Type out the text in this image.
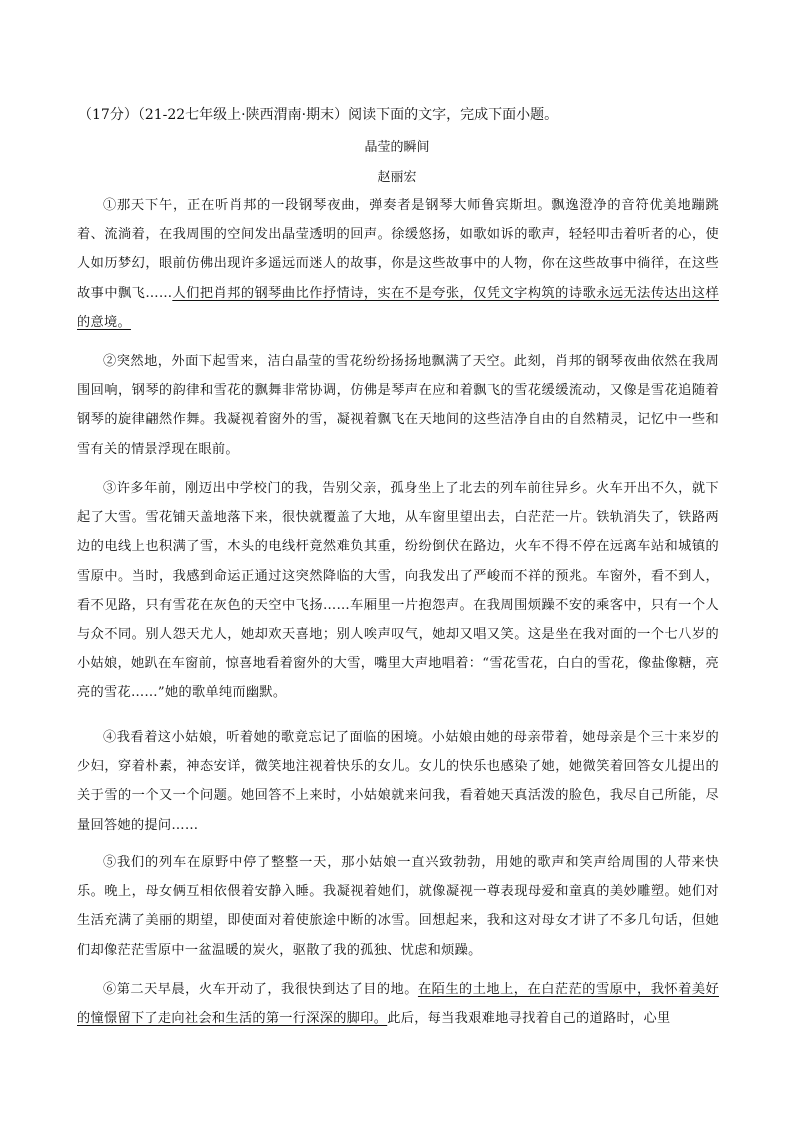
（17分）（21-22七年级上·陕西渭南·期末）阅读下面的文字，完成下面小题。
晶莹的瞬间
赵丽宏
①那天下午，正在听肖邦的一段钢琴夜曲，弹奏者是钢琴大师鲁宾斯坦。飘逸澄净的音符优美地蹦跳着、流淌着，在我周围的空间发出晶莹透明的回声。徐缓悠扬，如歌如诉的歌声，轻轻叩击着听者的心，使人如历梦幻，眼前仿佛出现许多遥远而迷人的故事，你是这些故事中的人物，你在这些故事中徜徉，在这些故事中飘飞……人们把肖邦的钢琴曲比作抒情诗，实在不是夸张，仅凭文字构筑的诗歌永远无法传达出这样的意境。
②突然地，外面下起雪来，洁白晶莹的雪花纷纷扬扬地飘满了天空。此刻，肖邦的钢琴夜曲依然在我周围回响，钢琴的韵律和雪花的飘舞非常协调，仿佛是琴声在应和着飘飞的雪花缓缓流动，又像是雪花追随着钢琴的旋律翩然作舞。我凝视着窗外的雪，凝视着飘飞在天地间的这些洁净自由的自然精灵，记忆中一些和雪有关的情景浮现在眼前。
③许多年前，刚迈出中学校门的我，告别父亲，孤身坐上了北去的列车前往异乡。火车开出不久，就下起了大雪。雪花铺天盖地落下来，很快就覆盖了大地，从车窗里望出去，白茫茫一片。铁轨消失了，铁路两边的电线上也积满了雪，木头的电线杆竟然难负其重，纷纷倒伏在路边，火车不得不停在远离车站和城镇的雪原中。当时，我感到命运正通过这突然降临的大雪，向我发出了严峻而不祥的预兆。车窗外，看不到人，看不见路，只有雪花在灰色的天空中飞扬……车厢里一片抱怨声。在我周围烦躁不安的乘客中，只有一个人与众不同。别人怨天尤人，她却欢天喜地；别人唉声叹气，她却又唱又笑。这是坐在我对面的一个七八岁的小姑娘，她趴在车窗前，惊喜地看着窗外的大雪，嘴里大声地唱着：“雪花雪花，白白的雪花，像盐像糖，亮亮的雪花……”她的歌单纯而幽默。
④我看着这小姑娘，听着她的歌竟忘记了面临的困境。小姑娘由她的母亲带着，她母亲是个三十来岁的少妇，穿着朴素，神态安详，微笑地注视着快乐的女儿。女儿的快乐也感染了她，她微笑着回答女儿提出的关于雪的一个又一个问题。她回答不上来时，小姑娘就来问我，看着她天真活泼的脸色，我尽自己所能，尽量回答她的提问……
⑤我们的列车在原野中停了整整一天，那小姑娘一直兴致勃勃，用她的歌声和笑声给周围的人带来快乐。晚上，母女俩互相依偎着安静入睡。我凝视着她们，就像凝视一尊表现母爱和童真的美妙雕塑。她们对生活充满了美丽的期望，即使面对着使旅途中断的冰雪。回想起来，我和这对母女才讲了不多几句话，但她们却像茫茫雪原中一盆温暖的炭火，驱散了我的孤独、忧虑和烦躁。
⑥第二天早晨，火车开动了，我很快到达了目的地。在陌生的土地上，在白茫茫的雪原中，我怀着美好的憧憬留下了走向社会和生活的第一行深深的脚印。此后，每当我艰难地寻找着自己的道路时，心里
